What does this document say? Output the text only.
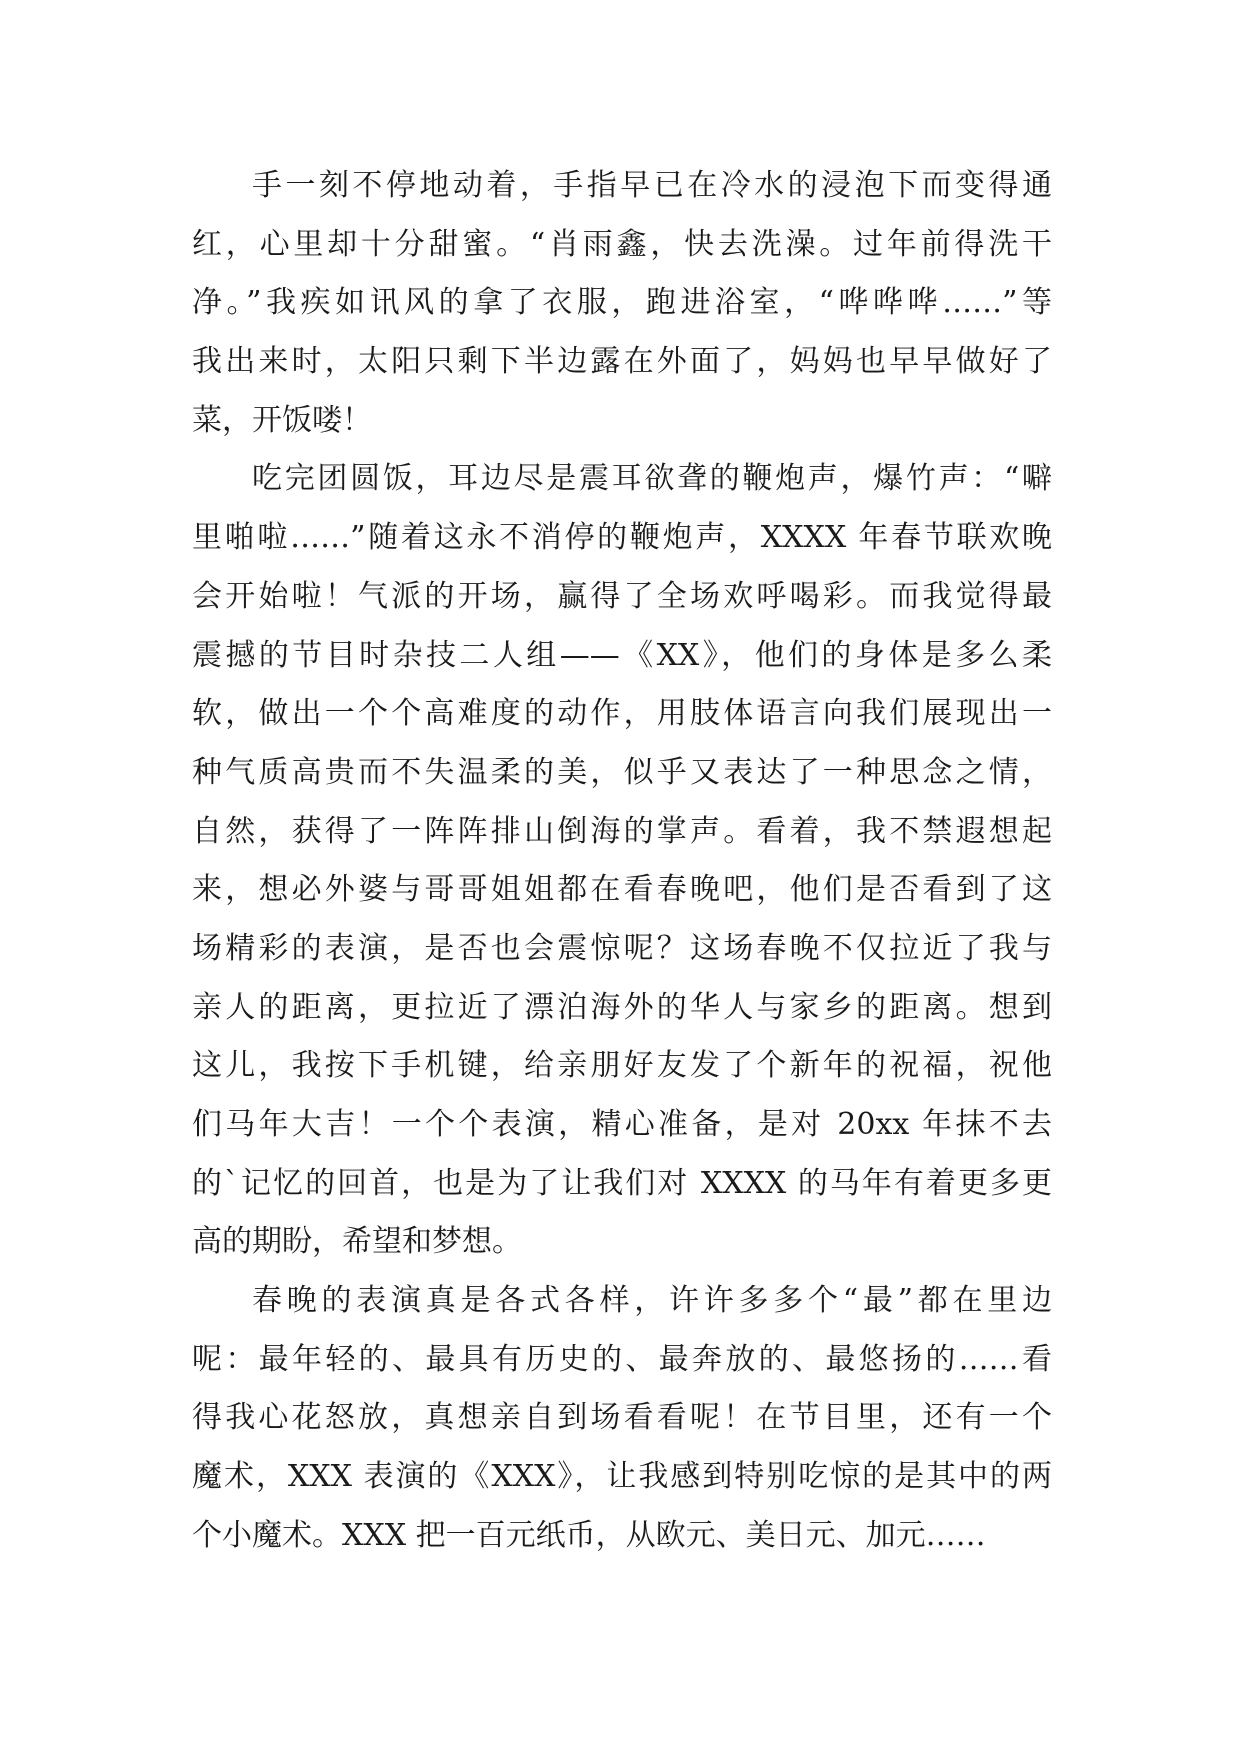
手一刻不停地动着，手指早已在冷水的浸泡下而变得通
红，心里却十分甜蜜。“肖雨鑫，快去洗澡。过年前得洗干
净。”我疾如讯风的拿了衣服，跑进浴室，“哗哗哗……”等
我出来时，太阳只剩下半边露在外面了，妈妈也早早做好了
菜，开饭喽！
吃完团圆饭，耳边尽是震耳欲聋的鞭炮声，爆竹声：“噼
里啪啦……”随着这永不消停的鞭炮声，XXXX 年春节联欢晚
会开始啦！气派的开场，赢得了全场欢呼喝彩。而我觉得最
震撼的节目时杂技二人组——《XX》，他们的身体是多么柔
软，做出一个个高难度的动作，用肢体语言向我们展现出一
种气质高贵而不失温柔的美，似乎又表达了一种思念之情，
自然，获得了一阵阵排山倒海的掌声。看着，我不禁遐想起
来，想必外婆与哥哥姐姐都在看春晚吧，他们是否看到了这
场精彩的表演，是否也会震惊呢？这场春晚不仅拉近了我与
亲人的距离，更拉近了漂泊海外的华人与家乡的距离。想到
这儿，我按下手机键，给亲朋好友发了个新年的祝福，祝他
们马年大吉！一个个表演，精心准备，是对 20xx 年抹不去
的`记忆的回首，也是为了让我们对 XXXX 的马年有着更多更
高的期盼，希望和梦想。
春晚的表演真是各式各样，许许多多个“最”都在里边
呢：最年轻的、最具有历史的、最奔放的、最悠扬的……看
得我心花怒放，真想亲自到场看看呢！在节目里，还有一个
魔术，XXX 表演的《XXX》，让我感到特别吃惊的是其中的两
个小魔术。XXX 把一百元纸币，从欧元、美日元、加元……
